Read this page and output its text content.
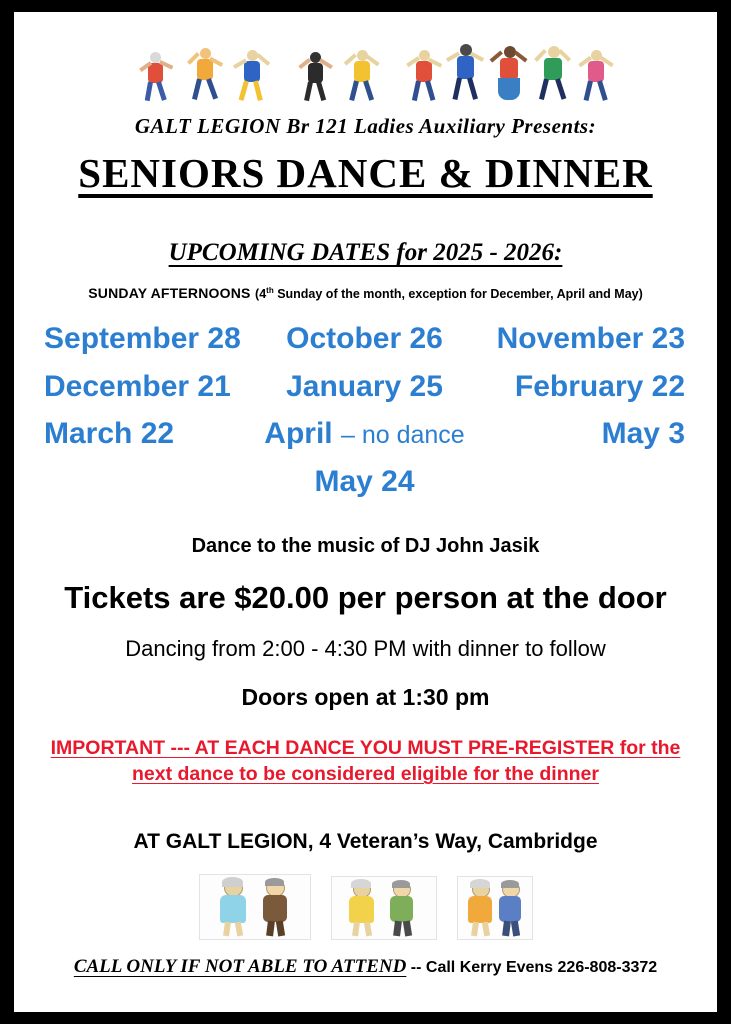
GALT LEGION Br 121 Ladies Auxiliary Presents:
SENIORS DANCE & DINNER
UPCOMING DATES for 2025 - 2026:
SUNDAY AFTERNOONS (4th Sunday of the month, exception for December, April and May)
September 28	October 26	November 23
December 21	January 25	February 22
March 22	April – no dance	May 3
May 24
Dance to the music of DJ John Jasik
Tickets are $20.00 per person at the door
Dancing from 2:00 - 4:30 PM with dinner to follow
Doors open at 1:30 pm
IMPORTANT --- AT EACH DANCE YOU MUST PRE-REGISTER for the
next dance to be considered eligible for the dinner
AT GALT LEGION, 4 Veteran’s Way, Cambridge
CALL ONLY IF NOT ABLE TO ATTEND -- Call Kerry Evens 226-808-3372
